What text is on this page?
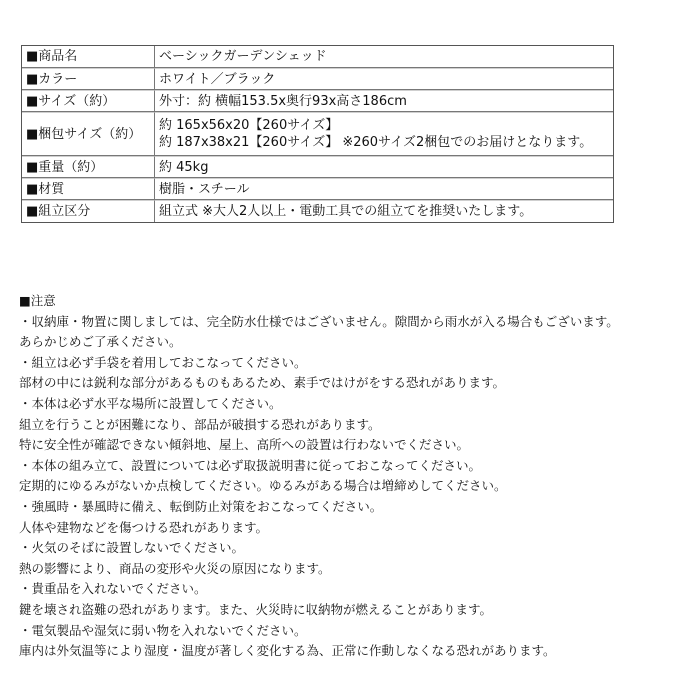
■商品名	ベーシックガーデンシェッド

■カラー	ホワイト／ブラック

■サイズ（約）	外寸：約 横幅153.5x奥行93x高さ186cm

■梱包サイズ（約）	約 165x56x20【260サイズ】
約 187x38x21【260サイズ】 ※260サイズ2梱包でのお届けとなります。

■重量（約）	約 45kg

■材質	樹脂・スチール

■組立区分	組立式 ※大人2人以上・電動工具での組立てを推奨いたします。
■注意
・収納庫・物置に関しましては、完全防水仕様ではございません。隙間から雨水が入る場合もございます。
あらかじめご了承ください。
・組立は必ず手袋を着用しておこなってください。
部材の中には鋭利な部分があるものもあるため、素手ではけがをする恐れがあります。
・本体は必ず水平な場所に設置してください。
組立を行うことが困難になり、部品が破損する恐れがあります。
特に安全性が確認できない傾斜地、屋上、高所への設置は行わないでください。
・本体の組み立て、設置については必ず取扱説明書に従っておこなってください。
定期的にゆるみがないか点検してください。ゆるみがある場合は増締めしてください。
・強風時・暴風時に備え、転倒防止対策をおこなってください。
人体や建物などを傷つける恐れがあります。
・火気のそばに設置しないでください。
熱の影響により、商品の変形や火災の原因になります。
・貴重品を入れないでください。
鍵を壊され盗難の恐れがあります。また、火災時に収納物が燃えることがあります。
・電気製品や湿気に弱い物を入れないでください。
庫内は外気温等により湿度・温度が著しく変化する為、正常に作動しなくなる恐れがあります。
